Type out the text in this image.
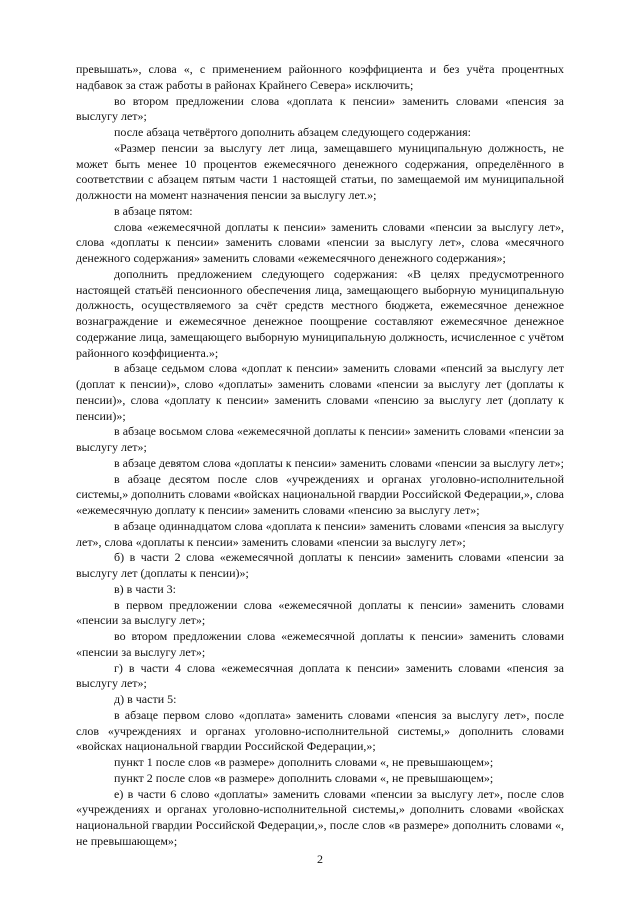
превышать», слова «, с применением районного коэффициента и без учёта процентных надбавок за стаж работы в районах Крайнего Севера» исключить;

во втором предложении слова «доплата к пенсии» заменить словами «пенсия за выслугу лет»;

после абзаца четвёртого дополнить абзацем следующего содержания:

«Размер пенсии за выслугу лет лица, замещавшего муниципальную должность, не может быть менее 10 процентов ежемесячного денежного содержания, определённого в соответствии с абзацем пятым части 1 настоящей статьи, по замещаемой им муниципальной должности на момент назначения пенсии за выслугу лет.»;

в абзаце пятом:

слова «ежемесячной доплаты к пенсии» заменить словами «пенсии за выслугу лет», слова «доплаты к пенсии» заменить словами «пенсии за выслугу лет», слова «месячного денежного содержания» заменить словами «ежемесячного денежного содержания»;

дополнить предложением следующего содержания: «В целях предусмотренного настоящей статьёй пенсионного обеспечения лица, замещающего выборную муниципальную должность, осуществляемого за счёт средств местного бюджета, ежемесячное денежное вознаграждение и ежемесячное денежное поощрение составляют ежемесячное денежное содержание лица, замещающего выборную муниципальную должность, исчисленное с учётом районного коэффициента.»;

в абзаце седьмом слова «доплат к пенсии» заменить словами «пенсий за выслугу лет (доплат к пенсии)», слово «доплаты» заменить словами «пенсии за выслугу лет (доплаты к пенсии)», слова «доплату к пенсии» заменить словами «пенсию за выслугу лет (доплату к пенсии)»;

в абзаце восьмом слова «ежемесячной доплаты к пенсии» заменить словами «пенсии за выслугу лет»;

в абзаце девятом слова «доплаты к пенсии» заменить словами «пенсии за выслугу лет»;

в абзаце десятом после слов «учреждениях и органах уголовно-исполнительной системы,» дополнить словами «войсках национальной гвардии Российской Федерации,», слова «ежемесячную доплату к пенсии» заменить словами «пенсию за выслугу лет»;

в абзаце одиннадцатом слова «доплата к пенсии» заменить словами «пенсия за выслугу лет», слова «доплаты к пенсии» заменить словами «пенсии за выслугу лет»;

б) в части 2 слова «ежемесячной доплаты к пенсии» заменить словами «пенсии за выслугу лет (доплаты к пенсии)»;

в) в части 3:

в первом предложении слова «ежемесячной доплаты к пенсии» заменить словами «пенсии за выслугу лет»;

во втором предложении слова «ежемесячной доплаты к пенсии» заменить словами «пенсии за выслугу лет»;

г) в части 4 слова «ежемесячная доплата к пенсии» заменить словами «пенсия за выслугу лет»;

д) в части 5:

в абзаце первом слово «доплата» заменить словами «пенсия за выслугу лет», после слов «учреждениях и органах уголовно-исполнительной системы,» дополнить словами «войсках национальной гвардии Российской Федерации,»;

пункт 1 после слов «в размере» дополнить словами «, не превышающем»;

пункт 2 после слов «в размере» дополнить словами «, не превышающем»;

е) в части 6 слово «доплаты» заменить словами «пенсии за выслугу лет», после слов «учреждениях и органах уголовно-исполнительной системы,» дополнить словами «войсках национальной гвардии Российской Федерации,», после слов «в размере» дополнить словами «, не превышающем»;

2
